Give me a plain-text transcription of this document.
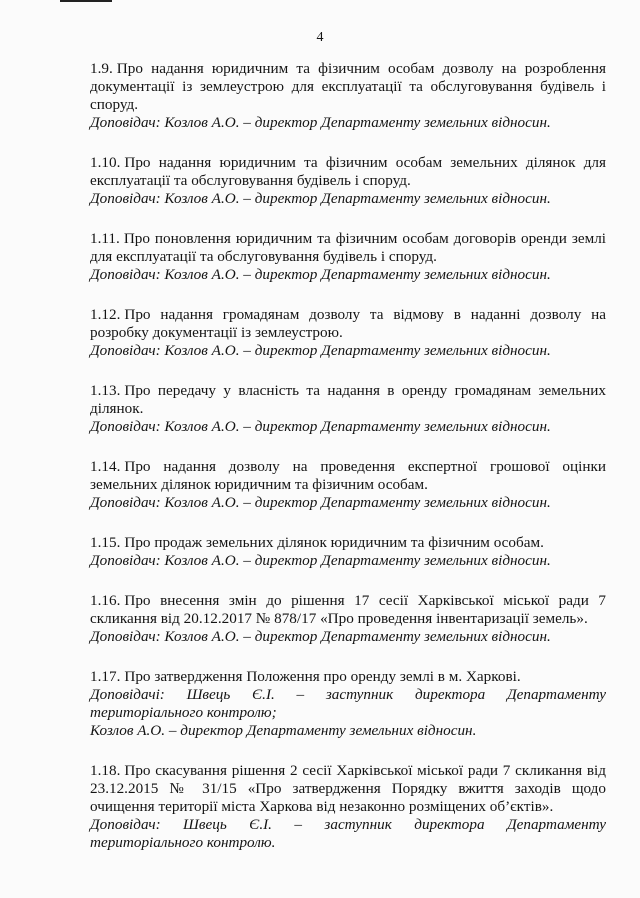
4

1.9. Про надання юридичним та фізичним особам дозволу на розроблення документації із землеустрою для експлуатації та обслуговування будівель і споруд.

Доповідач: Козлов А.О. – директор Департаменту земельних відносин.

1.10. Про надання юридичним та фізичним особам земельних ділянок для експлуатації та обслуговування будівель і споруд.

Доповідач: Козлов А.О. – директор Департаменту земельних відносин.

1.11. Про поновлення юридичним та фізичним особам договорів оренди землі для експлуатації та обслуговування будівель і споруд.

Доповідач: Козлов А.О. – директор Департаменту земельних відносин.

1.12. Про надання громадянам дозволу та відмову в наданні дозволу на розробку документації із землеустрою.

Доповідач: Козлов А.О. – директор Департаменту земельних відносин.

1.13. Про передачу у власність та надання в оренду громадянам земельних ділянок.

Доповідач: Козлов А.О. – директор Департаменту земельних відносин.

1.14. Про надання дозволу на проведення експертної грошової оцінки земельних ділянок юридичним та фізичним особам.

Доповідач: Козлов А.О. – директор Департаменту земельних відносин.

1.15. Про продаж земельних ділянок юридичним та фізичним особам.

Доповідач: Козлов А.О. – директор Департаменту земельних відносин.

1.16. Про внесення змін до рішення 17 сесії Харківської міської ради 7 скликання від 20.12.2017 № 878/17 «Про проведення інвентаризації земель».

Доповідач: Козлов А.О. – директор Департаменту земельних відносин.

1.17. Про затвердження Положення про оренду землі в м. Харкові.

Доповідачі: Швець Є.І. – заступник директора Департаменту територіального контролю;

Козлов А.О. – директор Департаменту земельних відносин.

1.18. Про скасування рішення 2 сесії Харківської міської ради 7 скликання від 23.12.2015 № 31/15 «Про затвердження Порядку вжиття заходів щодо очищення території міста Харкова від незаконно розміщених об’єктів».

Доповідач: Швець Є.І. – заступник директора Департаменту територіального контролю.
